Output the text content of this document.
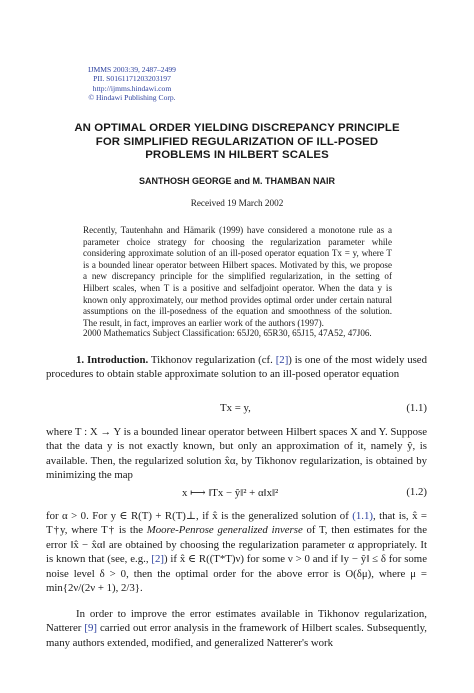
IJMMS 2003:39, 2487–2499
PII. S0161171203203197
http://ijmms.hindawi.com
© Hindawi Publishing Corp.
AN OPTIMAL ORDER YIELDING DISCREPANCY PRINCIPLE
FOR SIMPLIFIED REGULARIZATION OF ILL-POSED
PROBLEMS IN HILBERT SCALES
SANTHOSH GEORGE and M. THAMBAN NAIR
Received 19 March 2002
Recently, Tautenhahn and Hämarik (1999) have considered a monotone rule as a parameter choice strategy for choosing the regularization parameter while considering approximate solution of an ill-posed operator equation Tx = y, where T is a bounded linear operator between Hilbert spaces. Motivated by this, we propose a new discrepancy principle for the simplified regularization, in the setting of Hilbert scales, when T is a positive and selfadjoint operator. When the data y is known only approximately, our method provides optimal order under certain natural assumptions on the ill-posedness of the equation and smoothness of the solution. The result, in fact, improves an earlier work of the authors (1997).
2000 Mathematics Subject Classification: 65J20, 65R30, 65J15, 47A52, 47J06.
1. Introduction. Tikhonov regularization (cf. [2]) is one of the most widely used procedures to obtain stable approximate solution to an ill-posed operator equation
Tx = y,	(1.1)
where T : X → Y is a bounded linear operator between Hilbert spaces X and Y. Suppose that the data y is not exactly known, but only an approximation of it, namely ŷ, is available. Then, the regularized solution x̂α, by Tikhonov regularization, is obtained by minimizing the map
x ⟼ ‖Tx − ŷ‖² + α‖x‖²	(1.2)
for α > 0. For y ∈ R(T) + R(T)⊥, if x̂ is the generalized solution of (1.1), that is, x̂ = T†y, where T† is the Moore-Penrose generalized inverse of T, then estimates for the error ‖x̂ − x̂α‖ are obtained by choosing the regularization parameter α appropriately. It is known that (see, e.g., [2]) if x̂ ∈ R((T*T)ν) for some ν > 0 and if ‖y − ŷ‖ ≤ δ for some noise level δ > 0, then the optimal order for the above error is O(δμ), where μ = min{2ν/(2ν + 1), 2/3}.
In order to improve the error estimates available in Tikhonov regularization, Natterer [9] carried out error analysis in the framework of Hilbert scales. Subsequently, many authors extended, modified, and generalized Natterer's work
